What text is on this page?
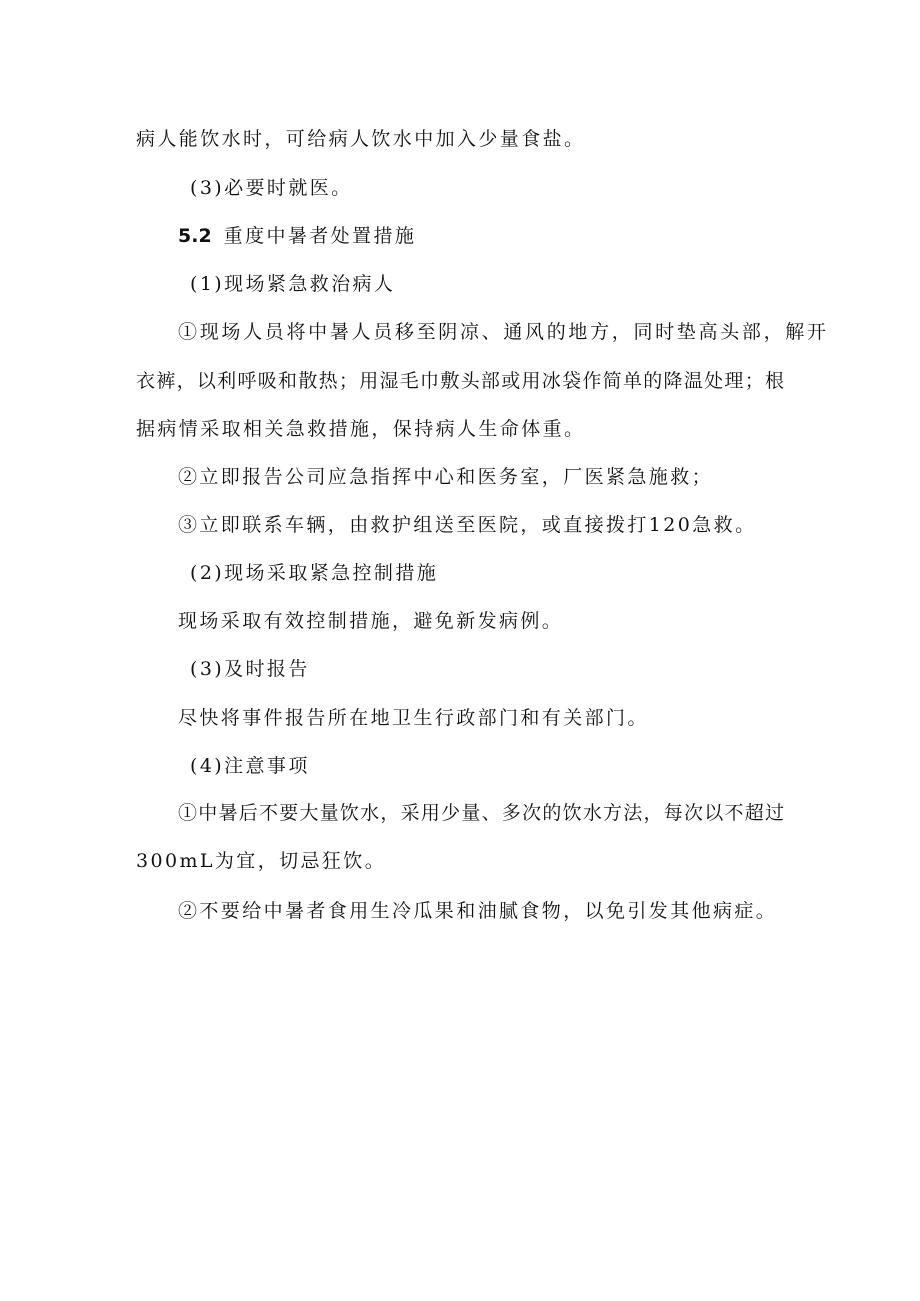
病人能饮水时，可给病人饮水中加入少量食盐。
(3)必要时就医。
5.2 重度中暑者处置措施
(1)现场紧急救治病人
①现场人员将中暑人员移至阴凉、通风的地方，同时垫高头部，解开
衣裤，以利呼吸和散热；用湿毛巾敷头部或用冰袋作简单的降温处理；根
据病情采取相关急救措施，保持病人生命体重。
②立即报告公司应急指挥中心和医务室，厂医紧急施救；
③立即联系车辆，由救护组送至医院，或直接拨打120急救。
(2)现场采取紧急控制措施
现场采取有效控制措施，避免新发病例。
(3)及时报告
尽快将事件报告所在地卫生行政部门和有关部门。
(4)注意事项
①中暑后不要大量饮水，采用少量、多次的饮水方法，每次以不超过
300mL为宜，切忌狂饮。
②不要给中暑者食用生冷瓜果和油腻食物，以免引发其他病症。
